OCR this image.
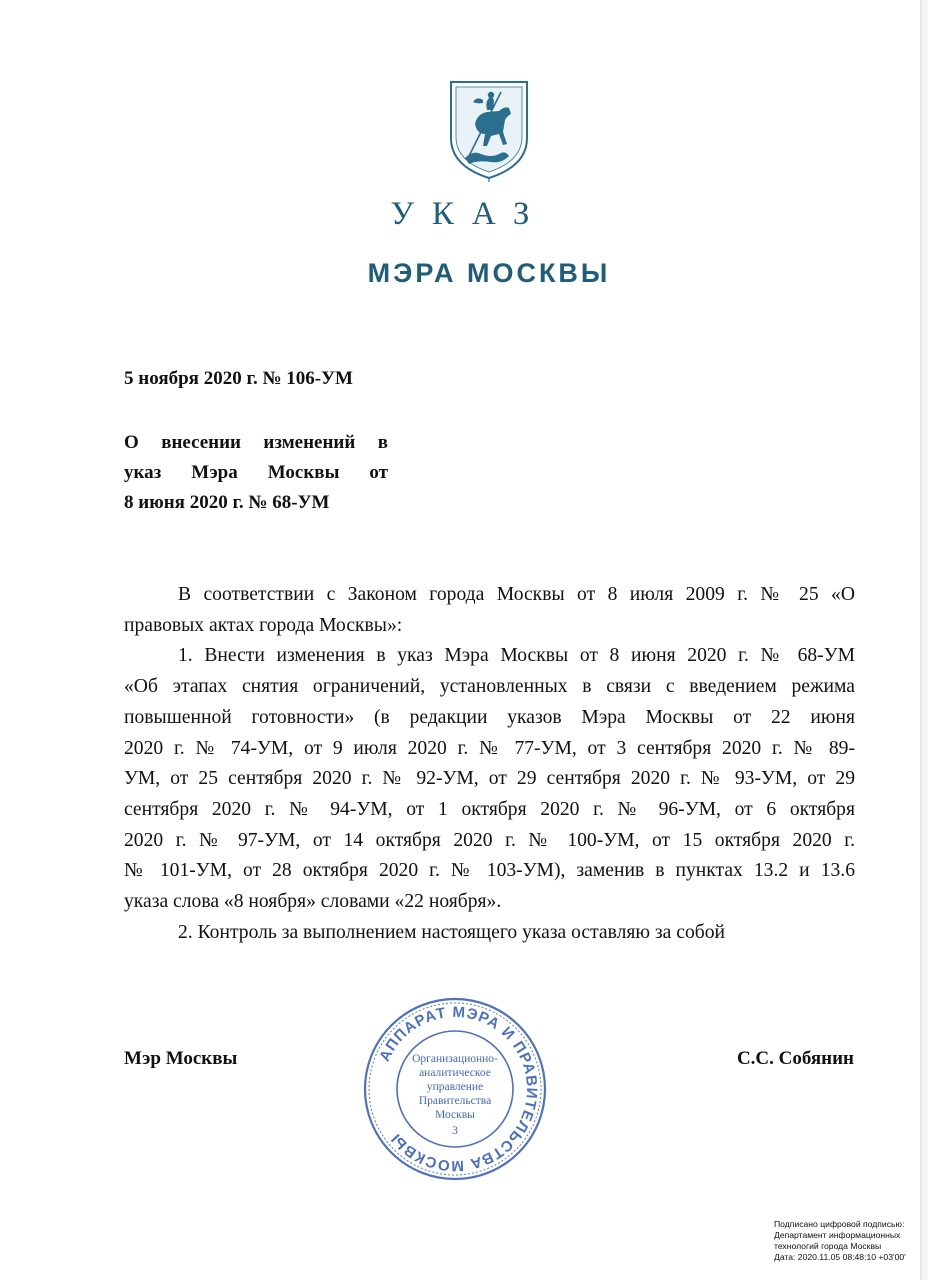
УКАЗ
МЭРА МОСКВЫ
5 ноября 2020 г. № 106-УМ
О внесении изменений в
указ Мэра Москвы от
8 июня 2020 г. № 68-УМ
В соответствии с Законом города Москвы от 8 июля 2009 г. № 25 «О
правовых актах города Москвы»:
1. Внести изменения в указ Мэра Москвы от 8 июня 2020 г. № 68-УМ
«Об этапах снятия ограничений, установленных в связи с введением режима
повышенной готовности» (в редакции указов Мэра Москвы от 22 июня
2020 г. № 74-УМ, от 9 июля 2020 г. № 77-УМ, от 3 сентября 2020 г. № 89-
УМ, от 25 сентября 2020 г. № 92-УМ, от 29 сентября 2020 г. № 93-УМ, от 29
сентября 2020 г. № 94-УМ, от 1 октября 2020 г. № 96-УМ, от 6 октября
2020 г. № 97-УМ, от 14 октября 2020 г. № 100-УМ, от 15 октября 2020 г.
№ 101-УМ, от 28 октября 2020 г. № 103-УМ), заменив в пунктах 13.2 и 13.6
указа слова «8 ноября» словами «22 ноября».
2. Контроль за выполнением настоящего указа оставляю за собой
Мэр Москвы	С.С. Собянин
АППАРАТ МЭРА И ПРАВИТЕЛЬСТВА МОСКВЫ
Организационно-
аналитическое
управление
Правительства
Москвы
3
Подписано цифровой подписью:
Департамент информационных
технологий города Москвы
Дата: 2020.11.05 08:48:10 +03'00'
